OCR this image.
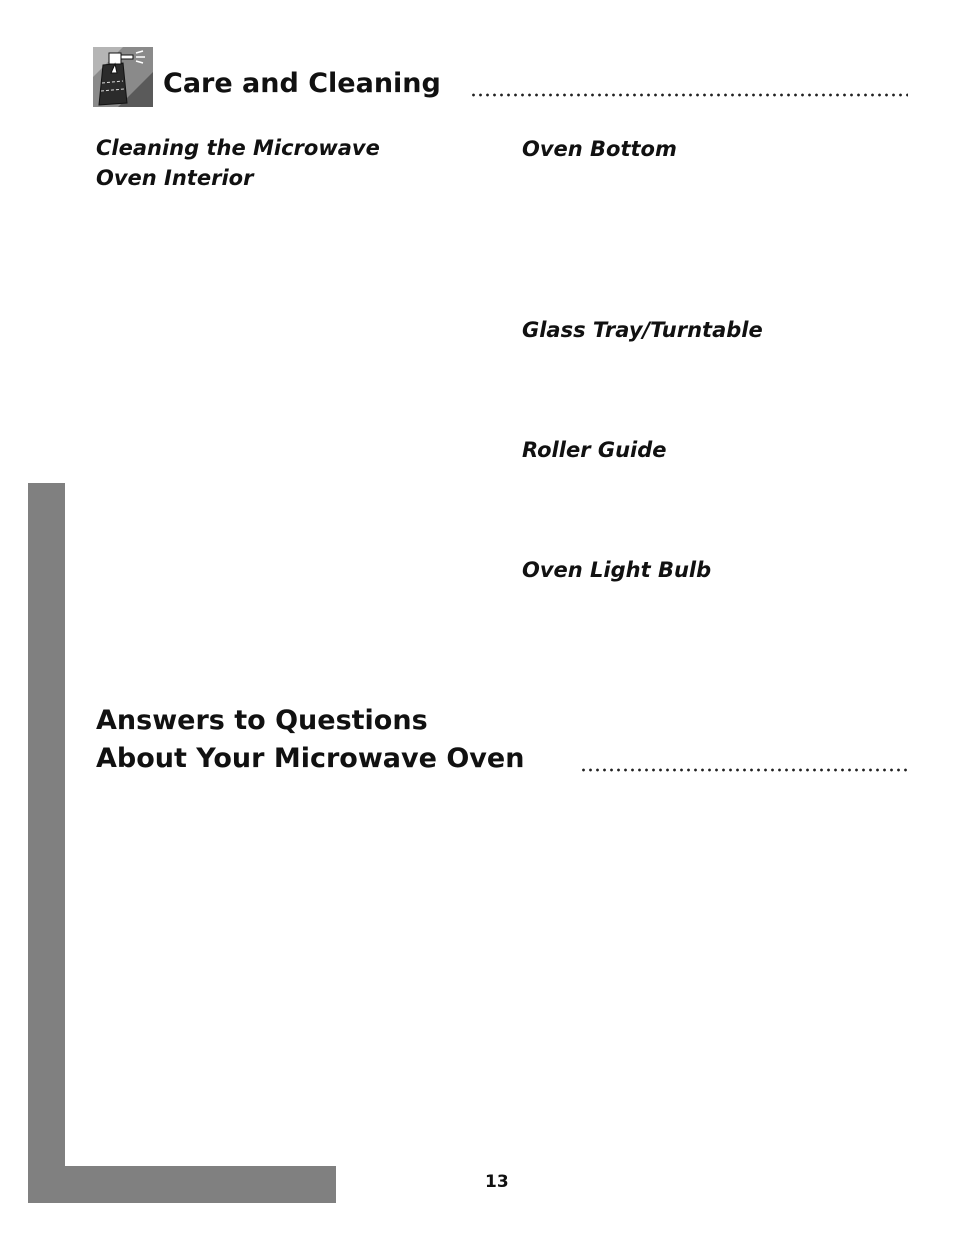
Care and Cleaning
Cleaning the Microwave
Oven Interior
Oven Bottom
Glass Tray/Turntable
Roller Guide
Oven Light Bulb
Answers to Questions
About Your Microwave Oven
13
